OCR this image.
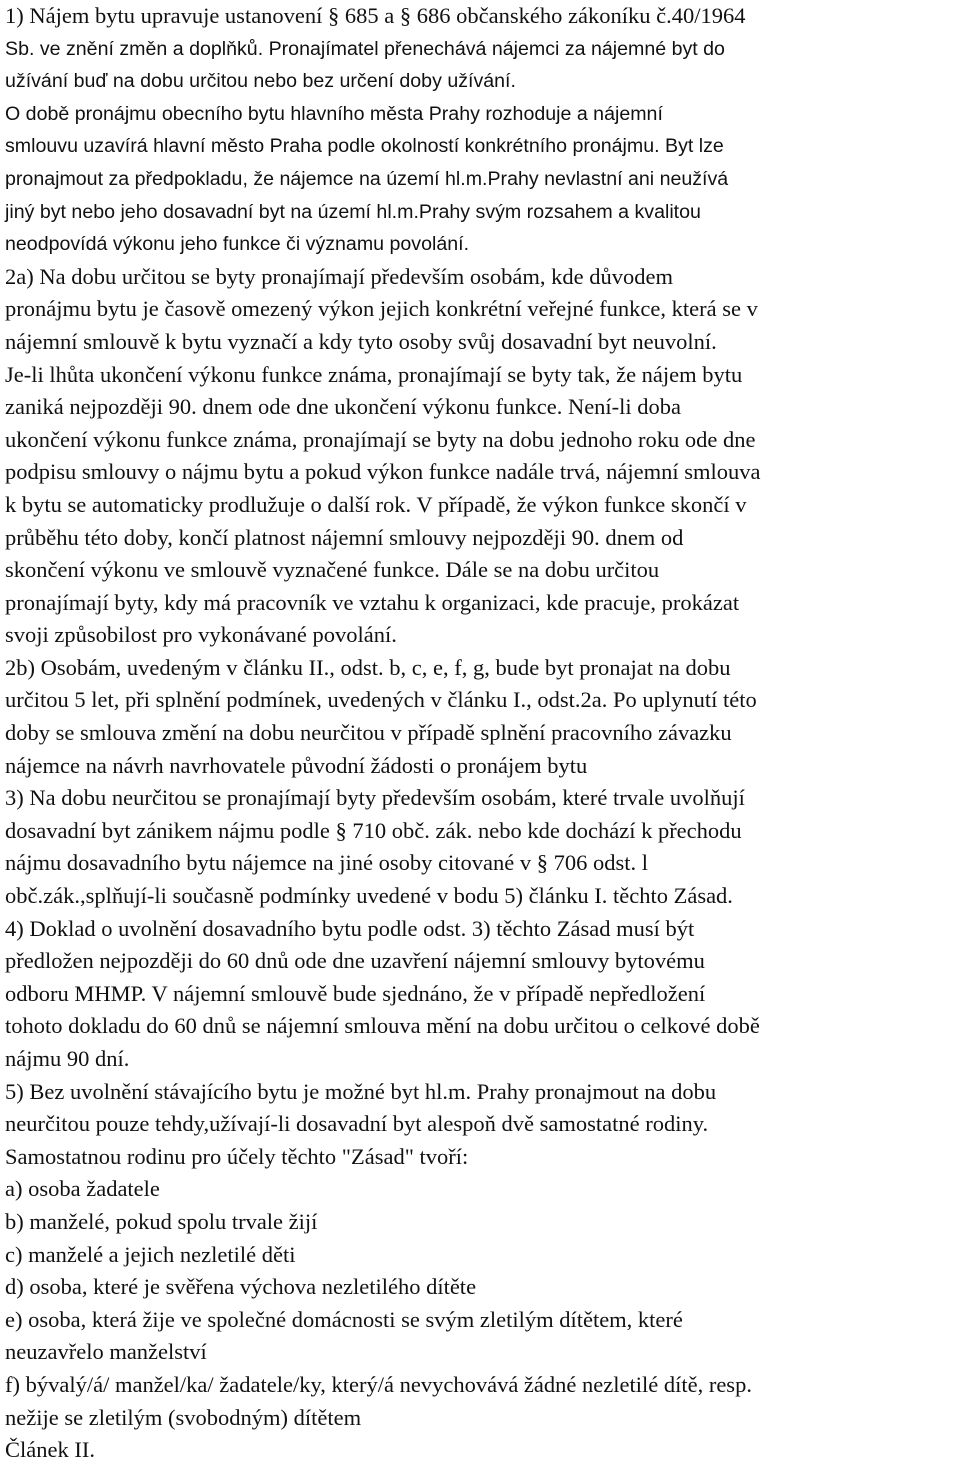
1) Nájem bytu upravuje ustanovení § 685 a § 686 občanského zákoníku č.40/1964
Sb. ve znění změn a doplňků. Pronajímatel přenechává nájemci za nájemné byt do
užívání buď na dobu určitou nebo bez určení doby užívání.
O době pronájmu obecního bytu hlavního města Prahy rozhoduje a nájemní
smlouvu uzavírá hlavní město Praha podle okolností konkrétního pronájmu. Byt lze
pronajmout za předpokladu, že nájemce na území hl.m.Prahy nevlastní ani neužívá
jiný byt nebo jeho dosavadní byt na území hl.m.Prahy svým rozsahem a kvalitou
neodpovídá výkonu jeho funkce či významu povolání.
2a) Na dobu určitou se byty pronajímají především osobám, kde důvodem
pronájmu bytu je časově omezený výkon jejich konkrétní veřejné funkce, která se v
nájemní smlouvě k bytu vyznačí a kdy tyto osoby svůj dosavadní byt neuvolní.
Je-li lhůta ukončení výkonu funkce známa, pronajímají se byty tak, že nájem bytu
zaniká nejpozději 90. dnem ode dne ukončení výkonu funkce. Není-li doba
ukončení výkonu funkce známa, pronajímají se byty na dobu jednoho roku ode dne
podpisu smlouvy o nájmu bytu a pokud výkon funkce nadále trvá, nájemní smlouva
k bytu se automaticky prodlužuje o další rok. V případě, že výkon funkce skončí v
průběhu této doby, končí platnost nájemní smlouvy nejpozději 90. dnem od
skončení výkonu ve smlouvě vyznačené funkce. Dále se na dobu určitou
pronajímají byty, kdy má pracovník ve vztahu k organizaci, kde pracuje, prokázat
svoji způsobilost pro vykonávané povolání.
2b) Osobám, uvedeným v článku II., odst. b, c, e, f, g, bude byt pronajat na dobu
určitou 5 let, při splnění podmínek, uvedených v článku I., odst.2a. Po uplynutí této
doby se smlouva změní na dobu neurčitou v případě splnění pracovního závazku
nájemce na návrh navrhovatele původní žádosti o pronájem bytu
3) Na dobu neurčitou se pronajímají byty především osobám, které trvale uvolňují
dosavadní byt zánikem nájmu podle § 710 obč. zák. nebo kde dochází k přechodu
nájmu dosavadního bytu nájemce na jiné osoby citované v § 706 odst. l
obč.zák.,splňují-li současně podmínky uvedené v bodu 5) článku I. těchto Zásad.
4) Doklad o uvolnění dosavadního bytu podle odst. 3) těchto Zásad musí být
předložen nejpozději do 60 dnů ode dne uzavření nájemní smlouvy bytovému
odboru MHMP. V nájemní smlouvě bude sjednáno, že v případě nepředložení
tohoto dokladu do 60 dnů se nájemní smlouva mění na dobu určitou o celkové době
nájmu 90 dní.
5) Bez uvolnění stávajícího bytu je možné byt hl.m. Prahy pronajmout na dobu
neurčitou pouze tehdy,užívají-li dosavadní byt alespoň dvě samostatné rodiny.
Samostatnou rodinu pro účely těchto "Zásad" tvoří:
a) osoba žadatele
b) manželé, pokud spolu trvale žijí
c) manželé a jejich nezletilé děti
d) osoba, které je svěřena výchova nezletilého dítěte
e) osoba, která žije ve společné domácnosti se svým zletilým dítětem, které
neuzavřelo manželství
f) bývalý/á/ manžel/ka/ žadatele/ky, který/á nevychovává žádné nezletilé dítě, resp.
nežije se zletilým (svobodným) dítětem
Článek II.
